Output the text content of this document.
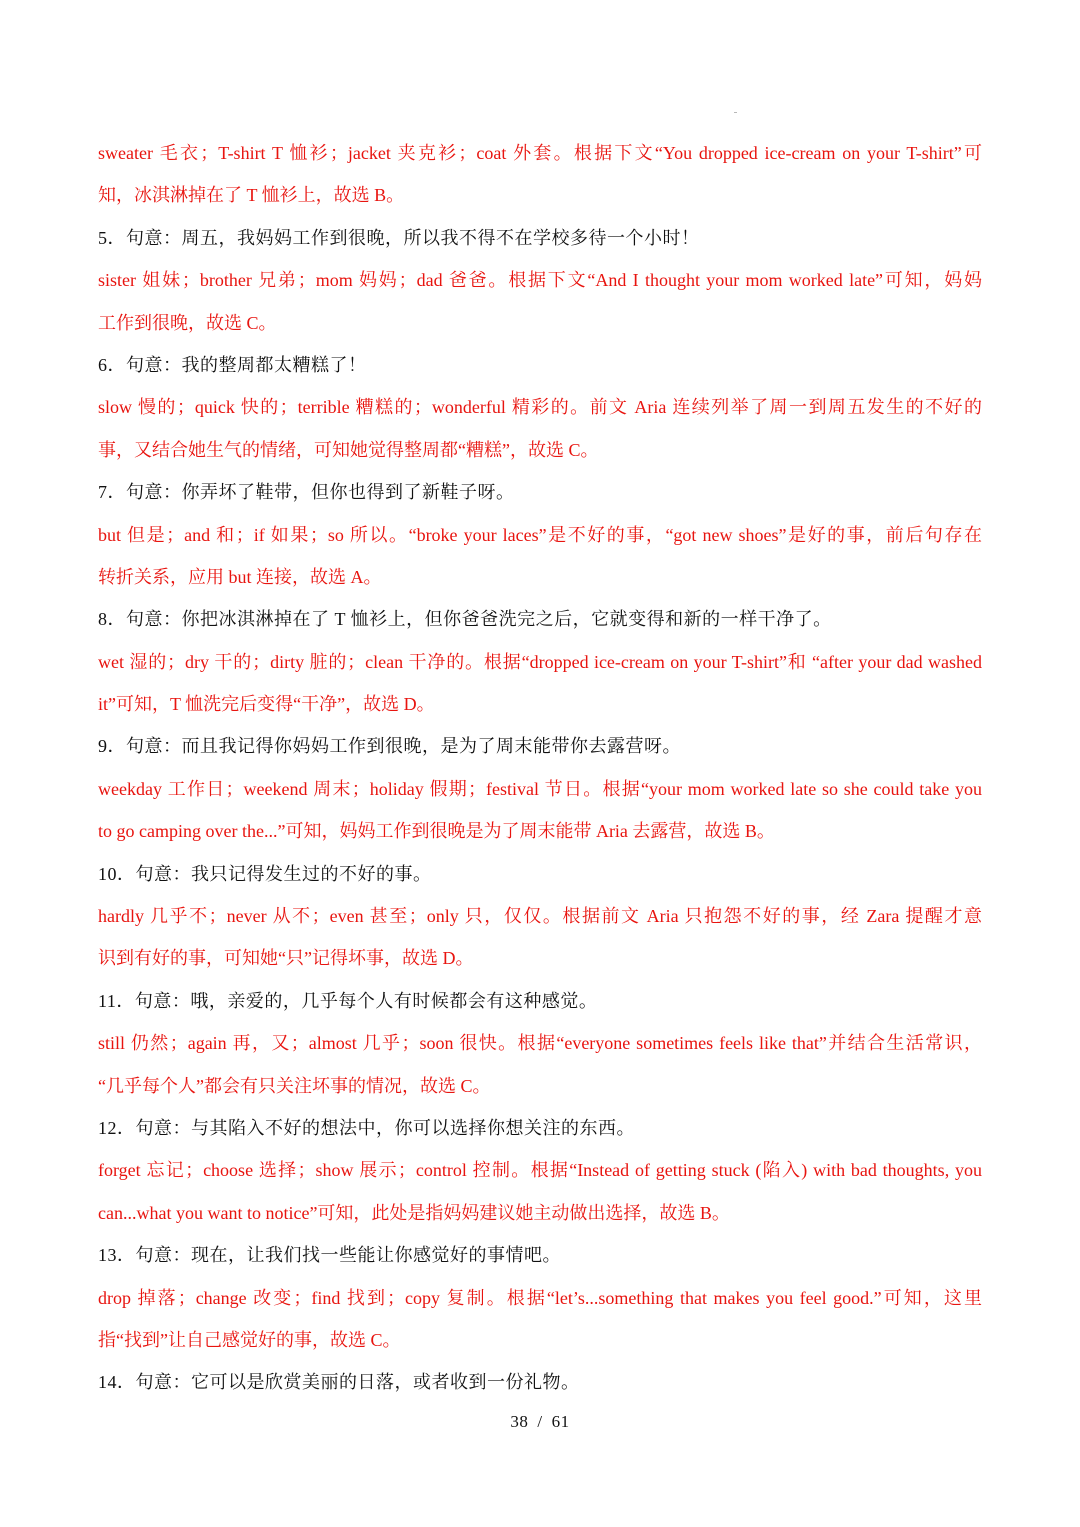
sweater 毛衣；T-shirt T 恤衫；jacket 夹克衫；coat 外套。根据下文“You dropped ice-cream on your T-shirt”可
知，冰淇淋掉在了 T 恤衫上，故选 B。
5．句意：周五，我妈妈工作到很晚，所以我不得不在学校多待一个小时！
sister 姐妹；brother 兄弟；mom 妈妈；dad 爸爸。根据下文“And I thought your mom worked late”可知，妈妈
工作到很晚，故选 C。
6．句意：我的整周都太糟糕了！
slow 慢的；quick 快的；terrible 糟糕的；wonderful 精彩的。前文 Aria 连续列举了周一到周五发生的不好的
事，又结合她生气的情绪，可知她觉得整周都“糟糕”，故选 C。
7．句意：你弄坏了鞋带，但你也得到了新鞋子呀。
but 但是；and 和；if 如果；so 所以。“broke your laces”是不好的事，“got new shoes”是好的事，前后句存在
转折关系，应用 but 连接，故选 A。
8．句意：你把冰淇淋掉在了 T 恤衫上，但你爸爸洗完之后，它就变得和新的一样干净了。
wet 湿的；dry 干的；dirty 脏的；clean 干净的。根据“dropped ice-cream on your T-shirt”和 “after your dad washed
it”可知，T 恤洗完后变得“干净”，故选 D。
9．句意：而且我记得你妈妈工作到很晚，是为了周末能带你去露营呀。
weekday 工作日；weekend 周末；holiday 假期；festival 节日。根据“your mom worked late so she could take you
to go camping over the...”可知，妈妈工作到很晚是为了周末能带 Aria 去露营，故选 B。
10．句意：我只记得发生过的不好的事。
hardly 几乎不；never 从不；even 甚至；only 只，仅仅。根据前文 Aria 只抱怨不好的事，经 Zara 提醒才意
识到有好的事，可知她“只”记得坏事，故选 D。
11．句意：哦，亲爱的，几乎每个人有时候都会有这种感觉。
still 仍然；again 再，又；almost 几乎；soon 很快。根据“everyone sometimes feels like that”并结合生活常识，
“几乎每个人”都会有只关注坏事的情况，故选 C。
12．句意：与其陷入不好的想法中，你可以选择你想关注的东西。
forget 忘记；choose 选择；show 展示；control 控制。根据“Instead of getting stuck (陷入) with bad thoughts, you
can...what you want to notice”可知，此处是指妈妈建议她主动做出选择，故选 B。
13．句意：现在，让我们找一些能让你感觉好的事情吧。
drop 掉落；change 改变；find 找到；copy 复制。根据“let’s...something that makes you feel good.”可知，这里
指“找到”让自己感觉好的事，故选 C。
14．句意：它可以是欣赏美丽的日落，或者收到一份礼物。
38 / 61
